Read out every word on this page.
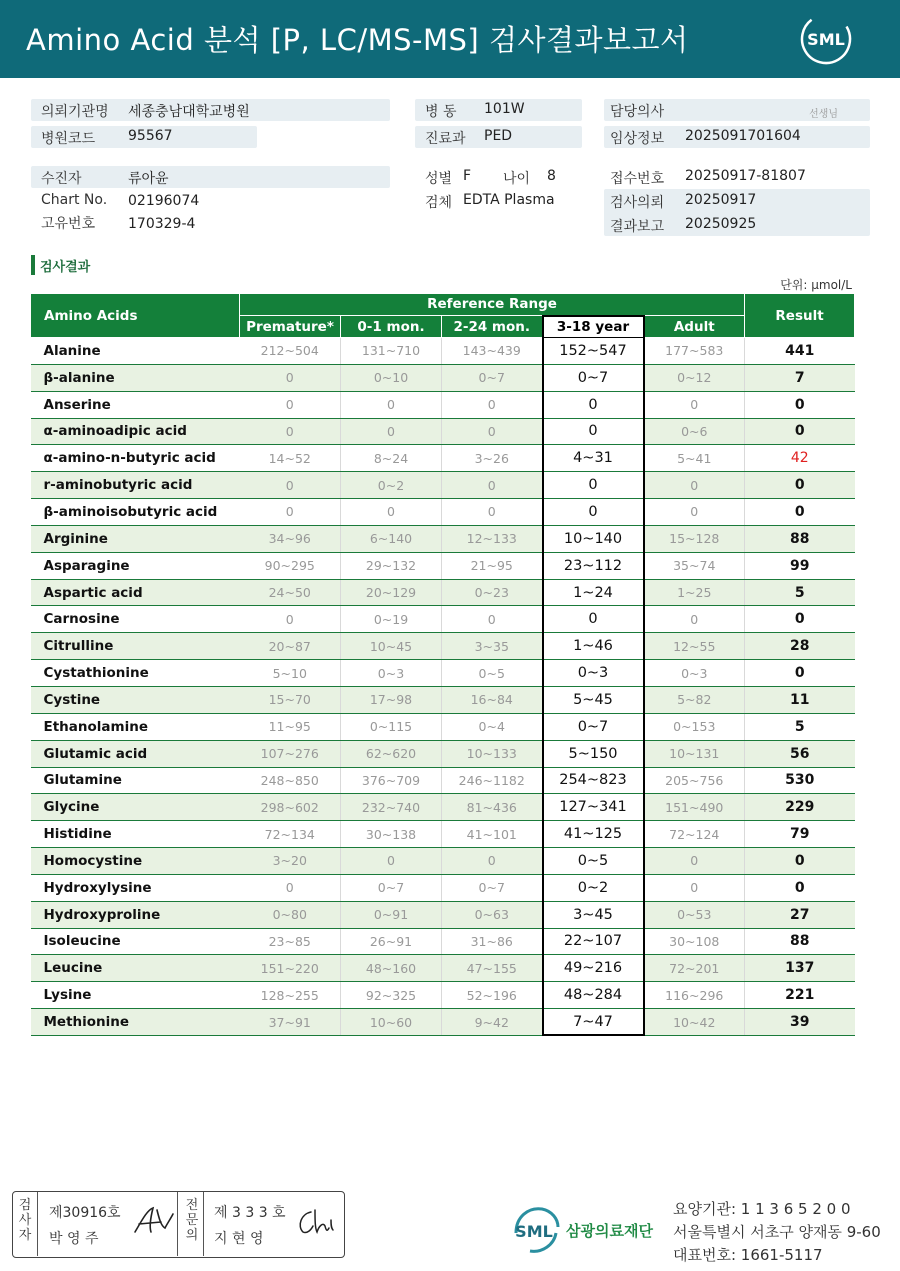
Amino Acid 분석 [P, LC/MS-MS] 검사결과보고서	SML
의뢰기관명 세종충남대학교병원
병원코드 95567
수진자	류아윤
Chart No. 02196074
고유번호 170329-4
병 동 101W
진료과 PED
성별 F 나이 8
검체 EDTA Plasma
담당의사	선생님
임상정보 2025091701604
접수번호 20250917-81807
검사의뢰 20250917
결과보고 20250925
검사결과
단위: μmol/L
Amino Acids	Reference Range					Result
	Premature*	0-1 mon.	2-24 mon.	3-18 year	Adult	
Alanine	212~504	131~710	143~439	152~547	177~583	441
β-alanine	0	0~10	0~7	0~7	0~12	7
Anserine	0	0	0	0	0	0
α-aminoadipic acid	0	0	0	0	0~6	0
α-amino-n-butyric acid	14~52	8~24	3~26	4~31	5~41	42
r-aminobutyric acid	0	0~2	0	0	0	0
β-aminoisobutyric acid	0	0	0	0	0	0
Arginine	34~96	6~140	12~133	10~140	15~128	88
Asparagine	90~295	29~132	21~95	23~112	35~74	99
Aspartic acid	24~50	20~129	0~23	1~24	1~25	5
Carnosine	0	0~19	0	0	0	0
Citrulline	20~87	10~45	3~35	1~46	12~55	28
Cystathionine	5~10	0~3	0~5	0~3	0~3	0
Cystine	15~70	17~98	16~84	5~45	5~82	11
Ethanolamine	11~95	0~115	0~4	0~7	0~153	5
Glutamic acid	107~276	62~620	10~133	5~150	10~131	56
Glutamine	248~850	376~709	246~1182	254~823	205~756	530
Glycine	298~602	232~740	81~436	127~341	151~490	229
Histidine	72~134	30~138	41~101	41~125	72~124	79
Homocystine	3~20	0	0	0~5	0	0
Hydroxylysine	0	0~7	0~7	0~2	0	0
Hydroxyproline	0~80	0~91	0~63	3~45	0~53	27
Isoleucine	23~85	26~91	31~86	22~107	30~108	88
Leucine	151~220	48~160	47~155	49~216	72~201	137
Lysine	128~255	92~325	52~196	48~284	116~296	221
Methionine	37~91	10~60	9~42	7~47	10~42	39
검
사
자
제30916호
박 영 주
전
문
의
제 3 3 3 호
지 현 영	SML 삼광의료재단
요양기관: 1 1 3 6 5 2 0 0
서울특별시 서초구 양재동 9-60
대표번호: 1661-5117
